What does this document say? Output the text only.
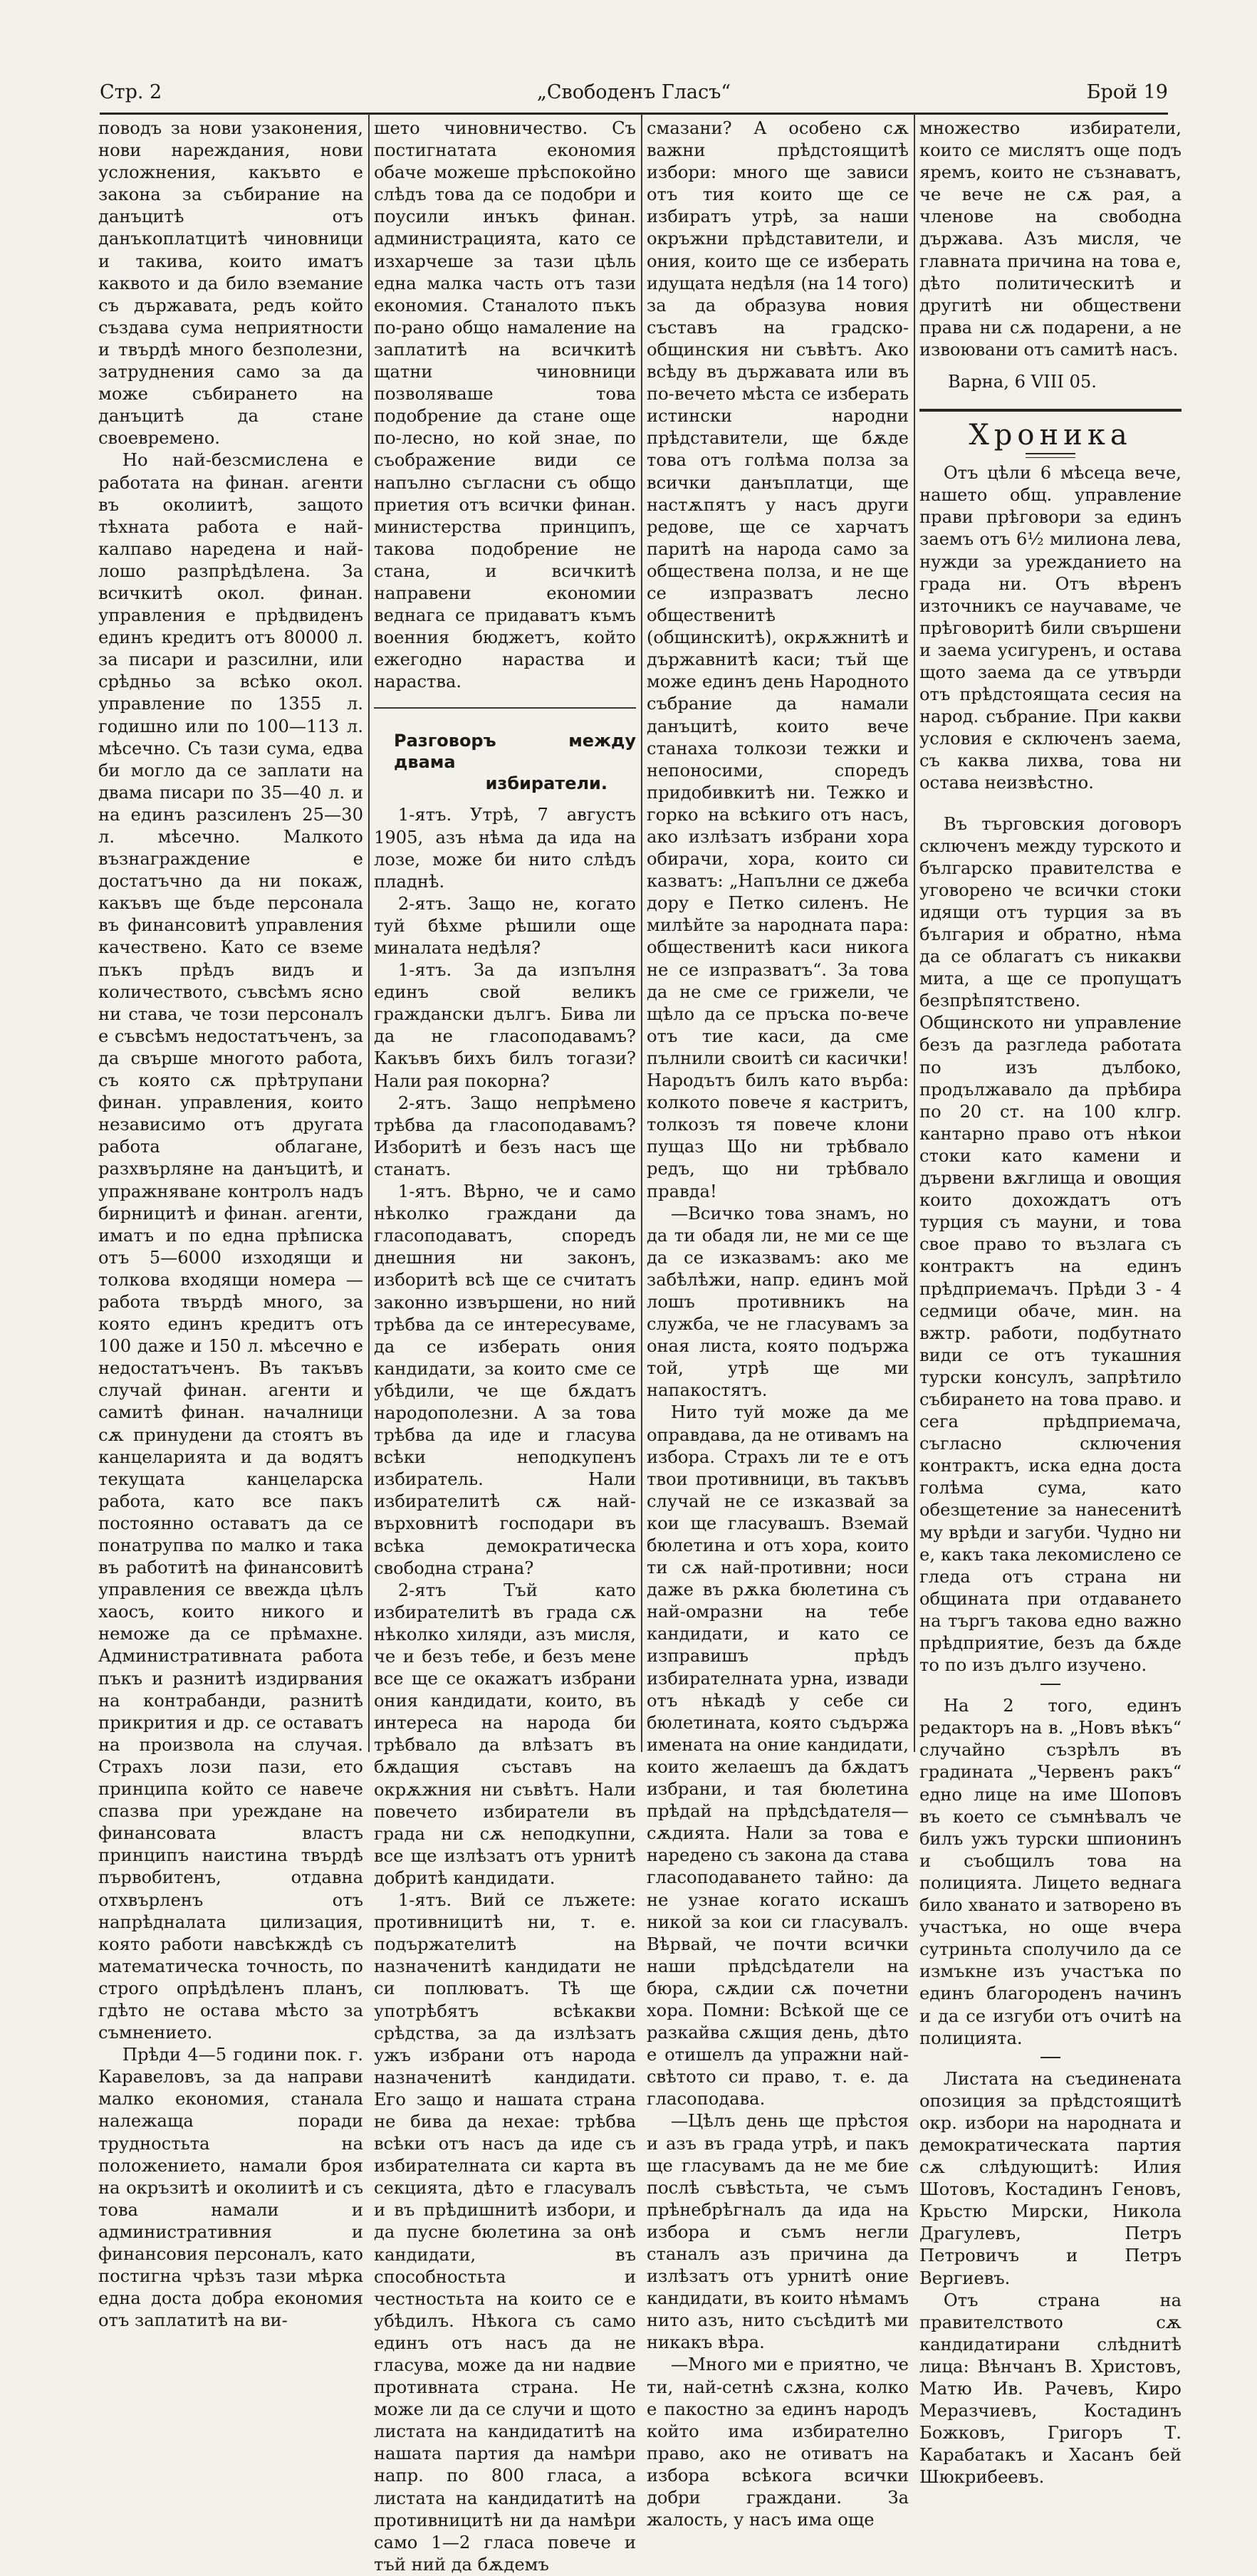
Стр. 2	„Свободенъ Гласъ“	Брой 19

поводъ за нови узаконения, нови нареждания, нови усложнения, какъвто е закона за събирание на данъцитѣ отъ данъкоплатцитѣ чиновници и такива, които иматъ каквото и да било вземание съ държавата, редъ който създава сума неприятности и твърдѣ много безполезни, затруднения само за да може събирането на данъцитѣ да стане своевремено.

Но най-безсмислена е работата на финан. агенти въ околиитѣ, защото тѣхната работа е най-калпаво наредена и най-лошо разпрѣдѣлена. За всичкитѣ окол. финан. управления е прѣдвиденъ единъ кредитъ отъ 80000 л. за писари и разсилни, или срѣдньо за всѣко окол. управление по 1355 л. годишно или по 100—113 л. мѣсечно. Съ тази сума, едва би могло да се заплати на двама писари по 35—40 л. и на единъ разсиленъ 25—30 л. мѣсечно. Малкото възнаграждение е достатъчно да ни покаж, какъвъ ще бъде персонала въ финансовитѣ управления качествено. Като се вземе пъкъ прѣдъ видъ и количеството, съвсѣмъ ясно ни става, че този персоналъ е съвсѣмъ недостатъченъ, за да свърше многото работа, съ която сѫ прѣтрупани финан. управления, които независимо отъ другата работа облагане, разхвърляне на данъцитѣ, и упражняване контролъ надъ бирницитѣ и финан. агенти, иматъ и по една прѣписка отъ 5—6000 изходящи и толкова входящи номера — работа твърдѣ много, за която единъ кредитъ отъ 100 даже и 150 л. мѣсечно е недостатъченъ. Въ такъвъ случай финан. агенти и самитѣ финан. началници сѫ принудени да стоятъ въ канцеларията и да водятъ текущата канцеларска работа, като все пакъ постоянно оставатъ да се понатрупва по малко и така въ работитѣ на финансовитѣ управления се ввежда цѣлъ хаосъ, които никого и неможе да се прѣмахне. Административната работа пъкъ и разнитѣ издирвания на контрабанди, разнитѣ прикрития и др. се оставатъ на произвола на случая. Страхъ лози пази, ето принципа който се навече спазва при уреждане на финансовата властъ принципъ наистина твърдѣ първобитенъ, отдавна отхвърленъ отъ напрѣдналата цилизация, която работи навсѣкждѣ съ математическа точность, по строго опрѣдѣленъ планъ, гдѣто не остава мѣсто за съмнението.

Прѣди 4—5 години пок. г. Каравеловъ, за да направи малко економия, станала належаща поради трудностьта на положението, намали броя на окръзитѣ и околиитѣ и съ това намали и административния и финансовия персоналъ, като постигна чрѣзъ тази мѣрка една доста добра економия отъ заплатитѣ на ви-

шето чиновничество. Съ постигнатата економия обаче можеше прѣспокойно слѣдъ това да се подобри и поусили инъкъ финан. администрацията, като се изхарчеше за тази цѣль една малка часть отъ тази економия. Станалото пъкъ по-рано общо намаление на заплатитѣ на всичкитѣ щатни чиновници позволяваше това подобрение да стане още по-лесно, но кой знае, по съображение види се напълно съгласни съ общо приетия отъ всички финан. министерства принципъ, такова подобрение не стана, и всичкитѣ направени економии веднага се придаватъ къмъ военния бюджетъ, който ежегодно нараства и нараства.

Разговоръ между двама
избиратели.

1-ятъ. Утрѣ, 7 августъ 1905, азъ нѣма да ида на лозе, може би нито слѣдъ пладнѣ.

2-ятъ. Защо не, когато туй бѣхме рѣшили още миналата недѣля?

1-ятъ. За да изпълня единъ свой великъ граждански дългъ. Бива ли да не гласоподавамъ? Какъвъ бихъ билъ тогази? Нали рая покорна?

2-ятъ. Защо непрѣмено трѣбва да гласоподавамъ? Изборитѣ и безъ насъ ще станатъ.

1-ятъ. Вѣрно, че и само нѣколко граждани да гласоподаватъ, споредъ днешния ни законъ, изборитѣ всѣ ще се считатъ законно извършени, но ний трѣбва да се интересуваме, да се изберать ония кандидати, за които сме се убѣдили, че ще бѫдатъ народополезни. А за това трѣбва да иде и гласува всѣки неподкупенъ избиратель. Нали избирателитѣ сѫ най-върховнитѣ господари въ всѣка демократическа свободна страна?

2-ятъ Тъй като избирателитѣ въ града сѫ нѣколко хиляди, азъ мисля, че и безъ тебе, и безъ мене все ще се окажатъ избрани ония кандидати, които, въ интереса на народа би трѣбвало да влѣзатъ въ бѫдащия съставъ на окрѫжния ни съвѣтъ. Нали повечето избиратели въ града ни сѫ неподкупни, все ще излѣзатъ отъ урнитѣ добритѣ кандидати.

1-ятъ. Вий се лъжете: противницитѣ ни, т. е. подържателитѣ на назначенитѣ кандидати не си поплюватъ. Тѣ ще употрѣбятъ всѣкакви срѣдства, за да излѣзатъ ужъ избрани отъ народа назначенитѣ кандидати. Его защо и нашата страна не бива да нехае: трѣбва всѣки отъ насъ да иде съ избирателната си карта въ секцията, дѣто е гласувалъ и въ прѣдишнитѣ избори, и да пусне бюлетина за онѣ кандидати, въ способностьта и честностьта на които се е убѣдилъ. Нѣкога съ само единъ отъ насъ да не гласува, може да ни надвие противната страна. Не може ли да се случи и щото листата на кандидатитѣ на нашата партия да намѣри напр. по 800 гласа, а листата на кандидатитѣ на противницитѣ ни да намѣри само 1—2 гласа повече и тъй ний да бѫдемъ

смазани? А особено сѫ важни прѣдстоящитѣ избори: много ще зависи отъ тия които ще се избиратъ утрѣ, за наши окръжни прѣдставители, и ония, които ще се изберать идущата недѣля (на 14 того) за да образува новия съставъ на градско-общинския ни съвѣтъ. Ако всѣду въ държавата или въ по-вечето мѣста се изберать истински народни прѣдставители, ще бѫде това отъ голѣма полза за всички данъплатци, ще настѫпятъ у насъ други редове, ще се харчатъ паритѣ на народа само за обществена полза, и не ще се изпразватъ лесно общественитѣ (общинскитѣ), окрѫжнитѣ и държавнитѣ каси; тъй ще може единъ день Народното събрание да намали данъцитѣ, които вече станаха толкози тежки и непоносими, споредъ придобивкитѣ ни. Тежко и горко на всѣкиго отъ насъ, ако излѣзатъ избрани хора обирачи, хора, които си казватъ: „Напълни се джеба дору е Петко силенъ. Не милѣйте за народната пара: общественитѣ каси никога не се изпразватъ“. За това да не сме се грижели, че щѣло да се пръска по-вече отъ тие каси, да сме пълнили своитѣ си касички! Народътъ билъ като върба: колкото повече я кастритъ, толкозъ тя повече клони пущаз Що ни трѣбвало редъ, що ни трѣбвало правда!

—Всичко това знамъ, но да ти обадя ли, не ми се ще да се изказвамъ: ако ме забѣлѣжи, напр. единъ мой лошъ противникъ на служба, че не гласувамъ за оная листа, която подържа той, утрѣ ще ми напакостятъ.

Нито туй може да ме оправдава, да не отивамъ на избора. Страхъ ли те е отъ твои противници, въ такъвъ случай не се изказвай за кои ще гласувашъ. Вземай бюлетина и отъ хора, които ти сѫ най-противни; носи даже въ рѫка бюлетина съ най-омразни на тебе кандидати, и като се изправишъ прѣдъ избирателната урна, извади отъ нѣкадѣ у себе си бюлетината, която съдържа имената на оние кандидати, които желаешъ да бѫдатъ избрани, и тая бюлетина прѣдай на прѣдсѣдателя—сѫдията. Нали за това е наредено съ закона да става гласоподаването тайно: да не узнае когато искашъ никой за кои си гласувалъ. Вѣрвай, че почти всички наши прѣдсѣдатели на бюра, сѫдии сѫ почетни хора. Помни: Всѣкой ще се разкайва сѫщия день, дѣто е отишелъ да упражни най-свѣтото си право, т. е. да гласоподава.

—Цѣлъ день ще прѣстоя и азъ въ града утрѣ, и пакъ ще гласувамъ да не ме бие послѣ съвѣстьта, че съмъ прѣнебрѣгналъ да ида на избора и съмъ негли станалъ азъ причина да излѣзатъ отъ урнитѣ оние кандидати, въ които нѣмамъ нито азъ, нито съсѣдитѣ ми никакъ вѣра.

—Много ми е приятно, че ти, най-сетнѣ сѫзна, колко е пакостно за единъ народъ който има избирателно право, ако не отиватъ на избора всѣкога всички добри граждани. За жалость, у насъ има още

множество избиратели, които се мислятъ още подъ яремъ, които не съзнаватъ, че вече не сѫ рая, а членове на свободна държава. Азъ мисля, че главната причина на това е, дѣто политическитѣ и другитѣ ни обществени права ни сѫ подарени, а не извоювани отъ самитѣ насъ.

Варна, 6 VIII 05.

Хроника

Отъ цѣли 6 мѣсеца вече, нашето общ. управление прави прѣговори за единъ заемъ отъ 6½ милиона лева, нужди за урежданието на града ни. Отъ вѣренъ източникъ се научаваме, че прѣговоритѣ били свършени и заема усигуренъ, и остава щото заема да се утвърди отъ прѣдстоящата сесия на народ. събрание. При какви условия е сключенъ заема, съ каква лихва, това ни остава неизвѣстно.

Въ търговския договоръ сключенъ между турското и българско правителства е уговорено че всички стоки идящи отъ турция за въ българия и обратно, нѣма да се облагатъ съ никакви мита, а ще се пропущатъ безпрѣпятствено. Общинското ни управление безъ да разгледа работата по изъ дълбоко, продължавало да прѣбира по 20 ст. на 100 клгр. кантарно право отъ нѣкои стоки като камени и дървени вѫглища и овощия които дохождатъ отъ турция съ мауни, и това свое право то възлага съ контрактъ на единъ прѣдприемачъ. Прѣди 3 - 4 седмици обаче, мин. на вжтр. работи, подбутнато види се отъ тукашния турски консулъ, запрѣтило събирането на това право. и сега прѣдприемача, съгласно сключения контрактъ, иска една доста голѣма сума, като обезщетение за нанесенитѣ му врѣди и загуби. Чудно ни е, какъ така лекомислено се гледа отъ страна ни общината при отдаването на търгъ такова едно важно прѣдприятие, безъ да бѫде то по изъ дълго изучено.

На 2 того, единъ редакторъ на в. „Новъ вѣкъ“ случайно съзрѣлъ въ градината „Червенъ ракъ“ едно лице на име Шоповъ въ което се съмнѣвалъ че билъ ужъ турски шпионинъ и съобщилъ това на полицията. Лицето веднага било хванато и затворено въ участъка, но още вчера сутриньта сполучило да се измъкне изъ участъка по единъ благороденъ начинъ и да се изгуби отъ очитѣ на полицията.

Листата на съединената опозиция за прѣдстоящитѣ окр. избори на народната и демократическата партия сѫ слѣдующитѣ: Илия Шотовъ, Костадинъ Геновъ, Крьстю Мирски, Никола Драгулевъ, Петръ Петровичъ и Петръ Вергиевъ.

Отъ страна на правителството сѫ кандидатирани слѣднитѣ лица: Вѣнчанъ В. Христовъ, Матю Ив. Рачевъ, Киро Меразчиевъ, Костадинъ Божковъ, Григоръ Т. Карабатакъ и Хасанъ бей Шюкрибеевъ.
